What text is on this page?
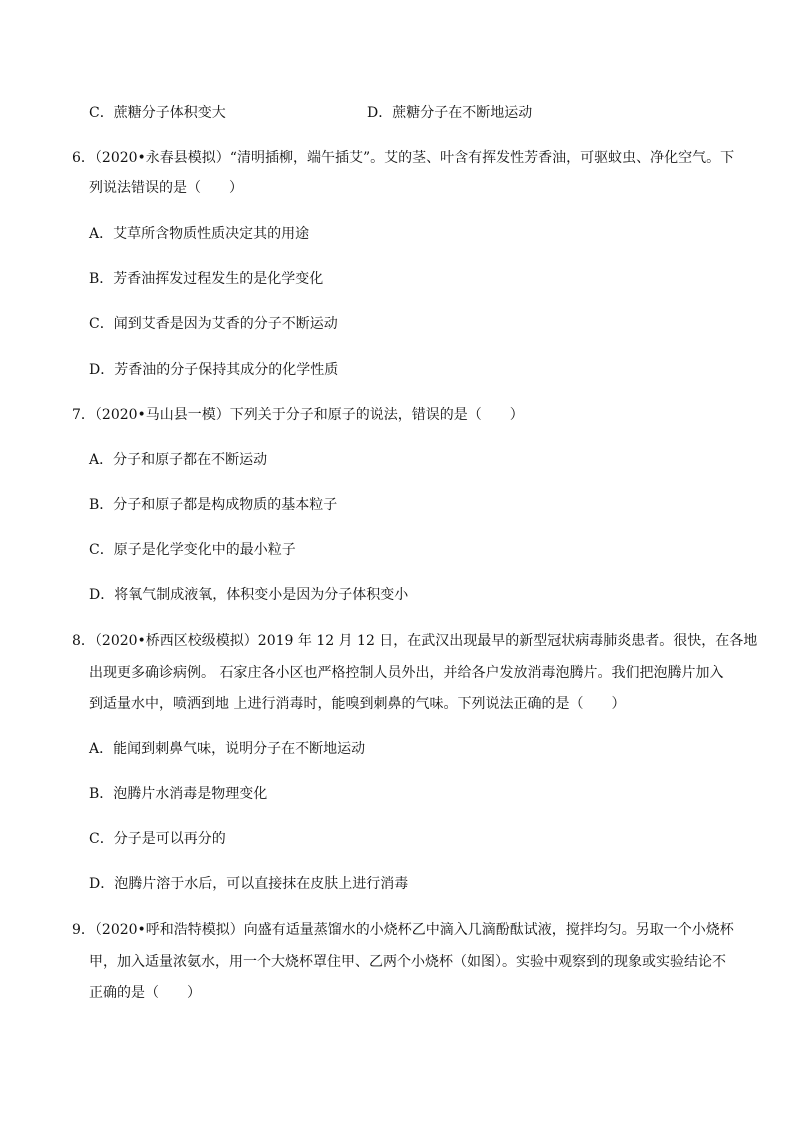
C．蔗糖分子体积变大	D．蔗糖分子在不断地运动
6．（2020•永春县模拟）“清明插柳，端午插艾”。艾的茎、叶含有挥发性芳香油，可驱蚊虫、净化空气。下
列说法错误的是（　　）
A．艾草所含物质性质决定其的用途
B．芳香油挥发过程发生的是化学变化
C．闻到艾香是因为艾香的分子不断运动
D．芳香油的分子保持其成分的化学性质
7．（2020•马山县一模）下列关于分子和原子的说法，错误的是（　　）
A．分子和原子都在不断运动
B．分子和原子都是构成物质的基本粒子
C．原子是化学变化中的最小粒子
D．将氧气制成液氧，体积变小是因为分子体积变小
8．（2020•桥西区校级模拟）2019 年 12 月 12 日，在武汉出现最早的新型冠状病毒肺炎患者。很快，在各地
出现更多确诊病例。 石家庄各小区也严格控制人员外出，并给各户发放消毒泡腾片。我们把泡腾片加入
到适量水中，喷洒到地 上进行消毒时，能嗅到刺鼻的气味。下列说法正确的是（　　）
A．能闻到刺鼻气味，说明分子在不断地运动
B．泡腾片水消毒是物理变化
C．分子是可以再分的
D．泡腾片溶于水后，可以直接抹在皮肤上进行消毒
9．（2020•呼和浩特模拟）向盛有适量蒸馏水的小烧杯乙中滴入几滴酚酞试液，搅拌均匀。另取一个小烧杯
甲，加入适量浓氨水，用一个大烧杯罩住甲、乙两个小烧杯（如图）。实验中观察到的现象或实验结论不
正确的是（　　）
